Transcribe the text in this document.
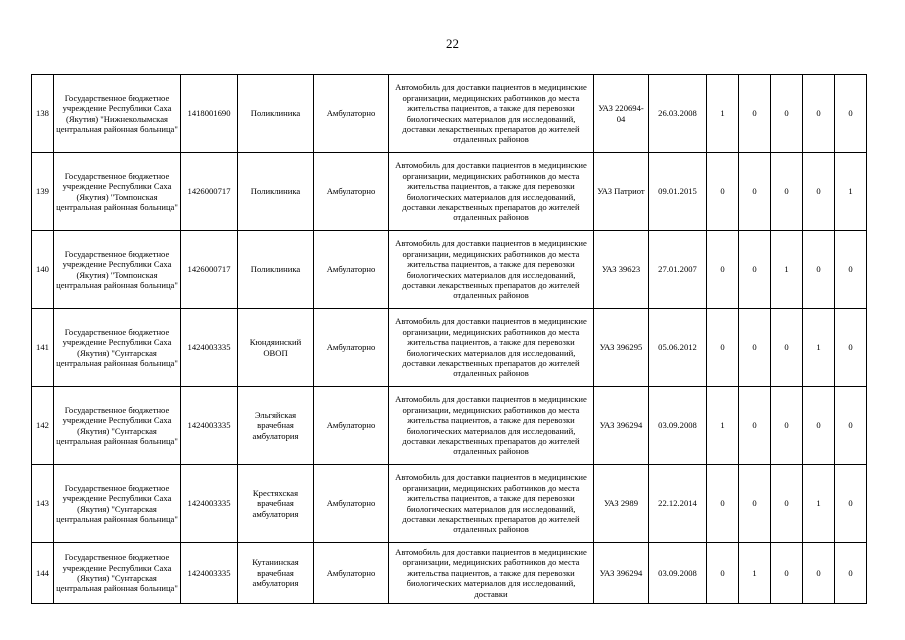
22
138	Государственное бюджетное учреждение Республики Саха (Якутия) "Нижнеколымская центральная районная больница"	1418001690	Поликлиника	Амбулаторно	Автомобиль для доставки пациентов в медицинские организации, медицинских работников до места жительства пациентов, а также для перевозки биологических материалов для исследований, доставки лекарственных препаратов до жителей отдаленных районов	УАЗ 220694-04	26.03.2008	1	0	0	0	0

139	Государственное бюджетное учреждение Республики Саха (Якутия) "Томпонская центральная районная больница"	1426000717	Поликлиника	Амбулаторно	Автомобиль для доставки пациентов в медицинские организации, медицинских работников до места жительства пациентов, а также для перевозки биологических материалов для исследований, доставки лекарственных препаратов до жителей отдаленных районов	УАЗ Патриот	09.01.2015	0	0	0	0	1

140	Государственное бюджетное учреждение Республики Саха (Якутия) "Томпонская центральная районная больница"	1426000717	Поликлиника	Амбулаторно	Автомобиль для доставки пациентов в медицинские организации, медицинских работников до места жительства пациентов, а также для перевозки биологических материалов для исследований, доставки лекарственных препаратов до жителей отдаленных районов	УАЗ 39623	27.01.2007	0	0	1	0	0

141	Государственное бюджетное учреждение Республики Саха (Якутия) "Сунтарская центральная районная больница"	1424003335	Кюндяинский ОВОП	Амбулаторно	Автомобиль для доставки пациентов в медицинские организации, медицинских работников до места жительства пациентов, а также для перевозки биологических материалов для исследований, доставки лекарственных препаратов до жителей отдаленных районов	УАЗ 396295	05.06.2012	0	0	0	1	0

142	Государственное бюджетное учреждение Республики Саха (Якутия) "Сунтарская центральная районная больница"	1424003335	Эльгяйская врачебная амбулатория	Амбулаторно	Автомобиль для доставки пациентов в медицинские организации, медицинских работников до места жительства пациентов, а также для перевозки биологических материалов для исследований, доставки лекарственных препаратов до жителей отдаленных районов	УАЗ 396294	03.09.2008	1	0	0	0	0

143	Государственное бюджетное учреждение Республики Саха (Якутия) "Сунтарская центральная районная больница"	1424003335	Крестяхская врачебная амбулатория	Амбулаторно	Автомобиль для доставки пациентов в медицинские организации, медицинских работников до места жительства пациентов, а также для перевозки биологических материалов для исследований, доставки лекарственных препаратов до жителей отдаленных районов	УАЗ 2989	22.12.2014	0	0	0	1	0

144	Государственное бюджетное учреждение Республики Саха (Якутия) "Сунтарская центральная районная больница"	1424003335	Кутанинская врачебная амбулатория	Амбулаторно	Автомобиль для доставки пациентов в медицинские организации, медицинских работников до места жительства пациентов, а также для перевозки биологических материалов для исследований, доставки	УАЗ 396294	03.09.2008	0	1	0	0	0
